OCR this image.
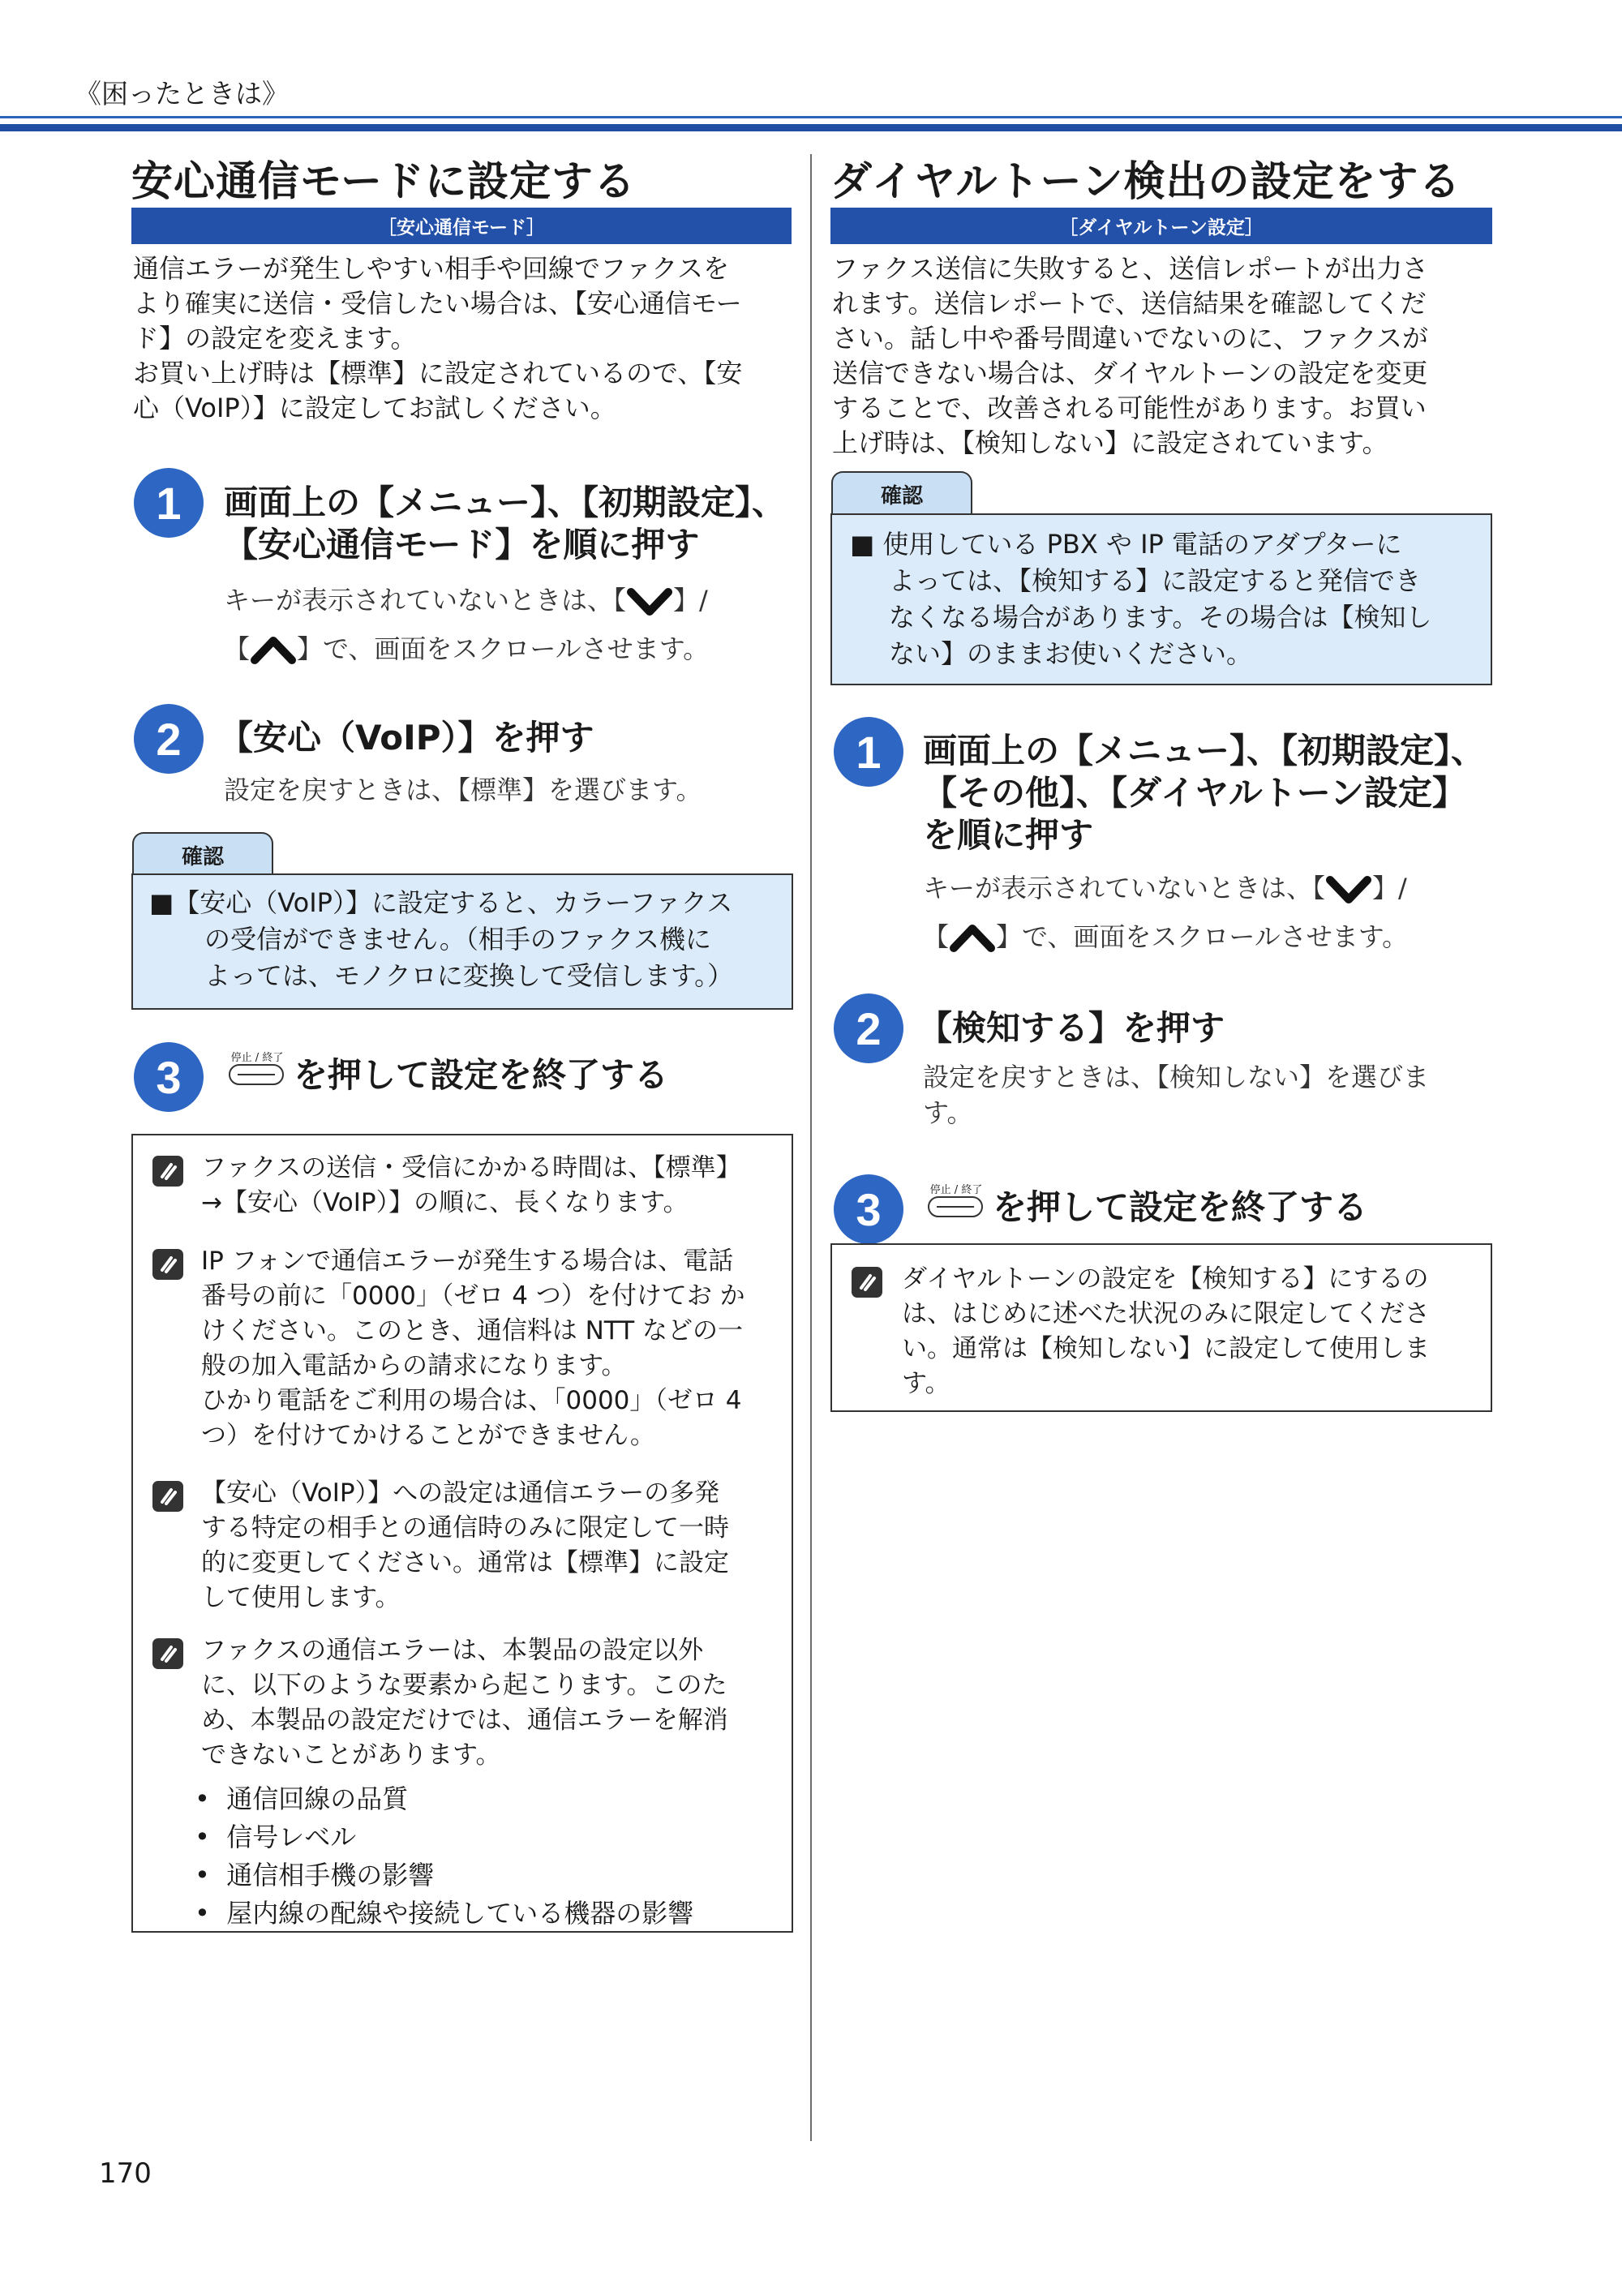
《困ったときは》
安心通信モードに設定する
［安心通信モード］
通信エラーが発生しやすい相手や回線でファクスを
より確実に送信・受信したい場合は、【安心通信モー
ド】の設定を変えます。
お買い上げ時は【標準】に設定されているので、【安
心（VoIP）】に設定してお試しください。
1	画面上の【メニュー】、【初期設定】、
【安心通信モード】を順に押す
キーが表示されていないときは、【 】/
【 】で、画面をスクロールさせます。
2	【安心（VoIP）】を押す
設定を戻すときは、【標準】を選びます。
確認
■【安心（VoIP）】に設定すると、カラーファクス
の受信ができません。（相手のファクス機に
よっては、モノクロに変換して受信します。）
3	停止 / 終了 を押して設定を終了する
ファクスの送信・受信にかかる時間は、【標準】
→【安心（VoIP）】の順に、長くなります。
IP フォンで通信エラーが発生する場合は、電話
番号の前に「0000」（ゼロ 4 つ）を付けてお か
けください。このとき、通信料は NTT などの一
般の加入電話からの請求になります。
ひかり電話をご利用の場合は、「0000」（ゼロ 4
つ）を付けてかけることができません。
【安心（VoIP）】への設定は通信エラーの多発
する特定の相手との通信時のみに限定して一時
的に変更してください。通常は【標準】に設定
して使用します。
ファクスの通信エラーは、本製品の設定以外
に、以下のような要素から起こります。このた
め、本製品の設定だけでは、通信エラーを解消
できないことがあります。
•  通信回線の品質
•  信号レベル
•  通信相手機の影響
•  屋内線の配線や接続している機器の影響
ダイヤルトーン検出の設定をする
［ダイヤルトーン設定］
ファクス送信に失敗すると、送信レポートが出力さ
れます。送信レポートで、送信結果を確認してくだ
さい。話し中や番号間違いでないのに、ファクスが
送信できない場合は、ダイヤルトーンの設定を変更
することで、改善される可能性があります。お買い
上げ時は、【検知しない】に設定されています。
確認
■ 使用している PBX や IP 電話のアダプターに
よっては、【検知する】に設定すると発信でき
なくなる場合があります。その場合は【検知し
ない】のままお使いください。
1	画面上の【メニュー】、【初期設定】、
【その他】、【ダイヤルトーン設定】
を順に押す
キーが表示されていないときは、【 】/
【 】で、画面をスクロールさせます。
2	【検知する】を押す
設定を戻すときは、【検知しない】を選びま
す。
3	停止 / 終了 を押して設定を終了する
ダイヤルトーンの設定を【検知する】にするの
は、はじめに述べた状況のみに限定してくださ
い。通常は【検知しない】に設定して使用しま
す。
170
